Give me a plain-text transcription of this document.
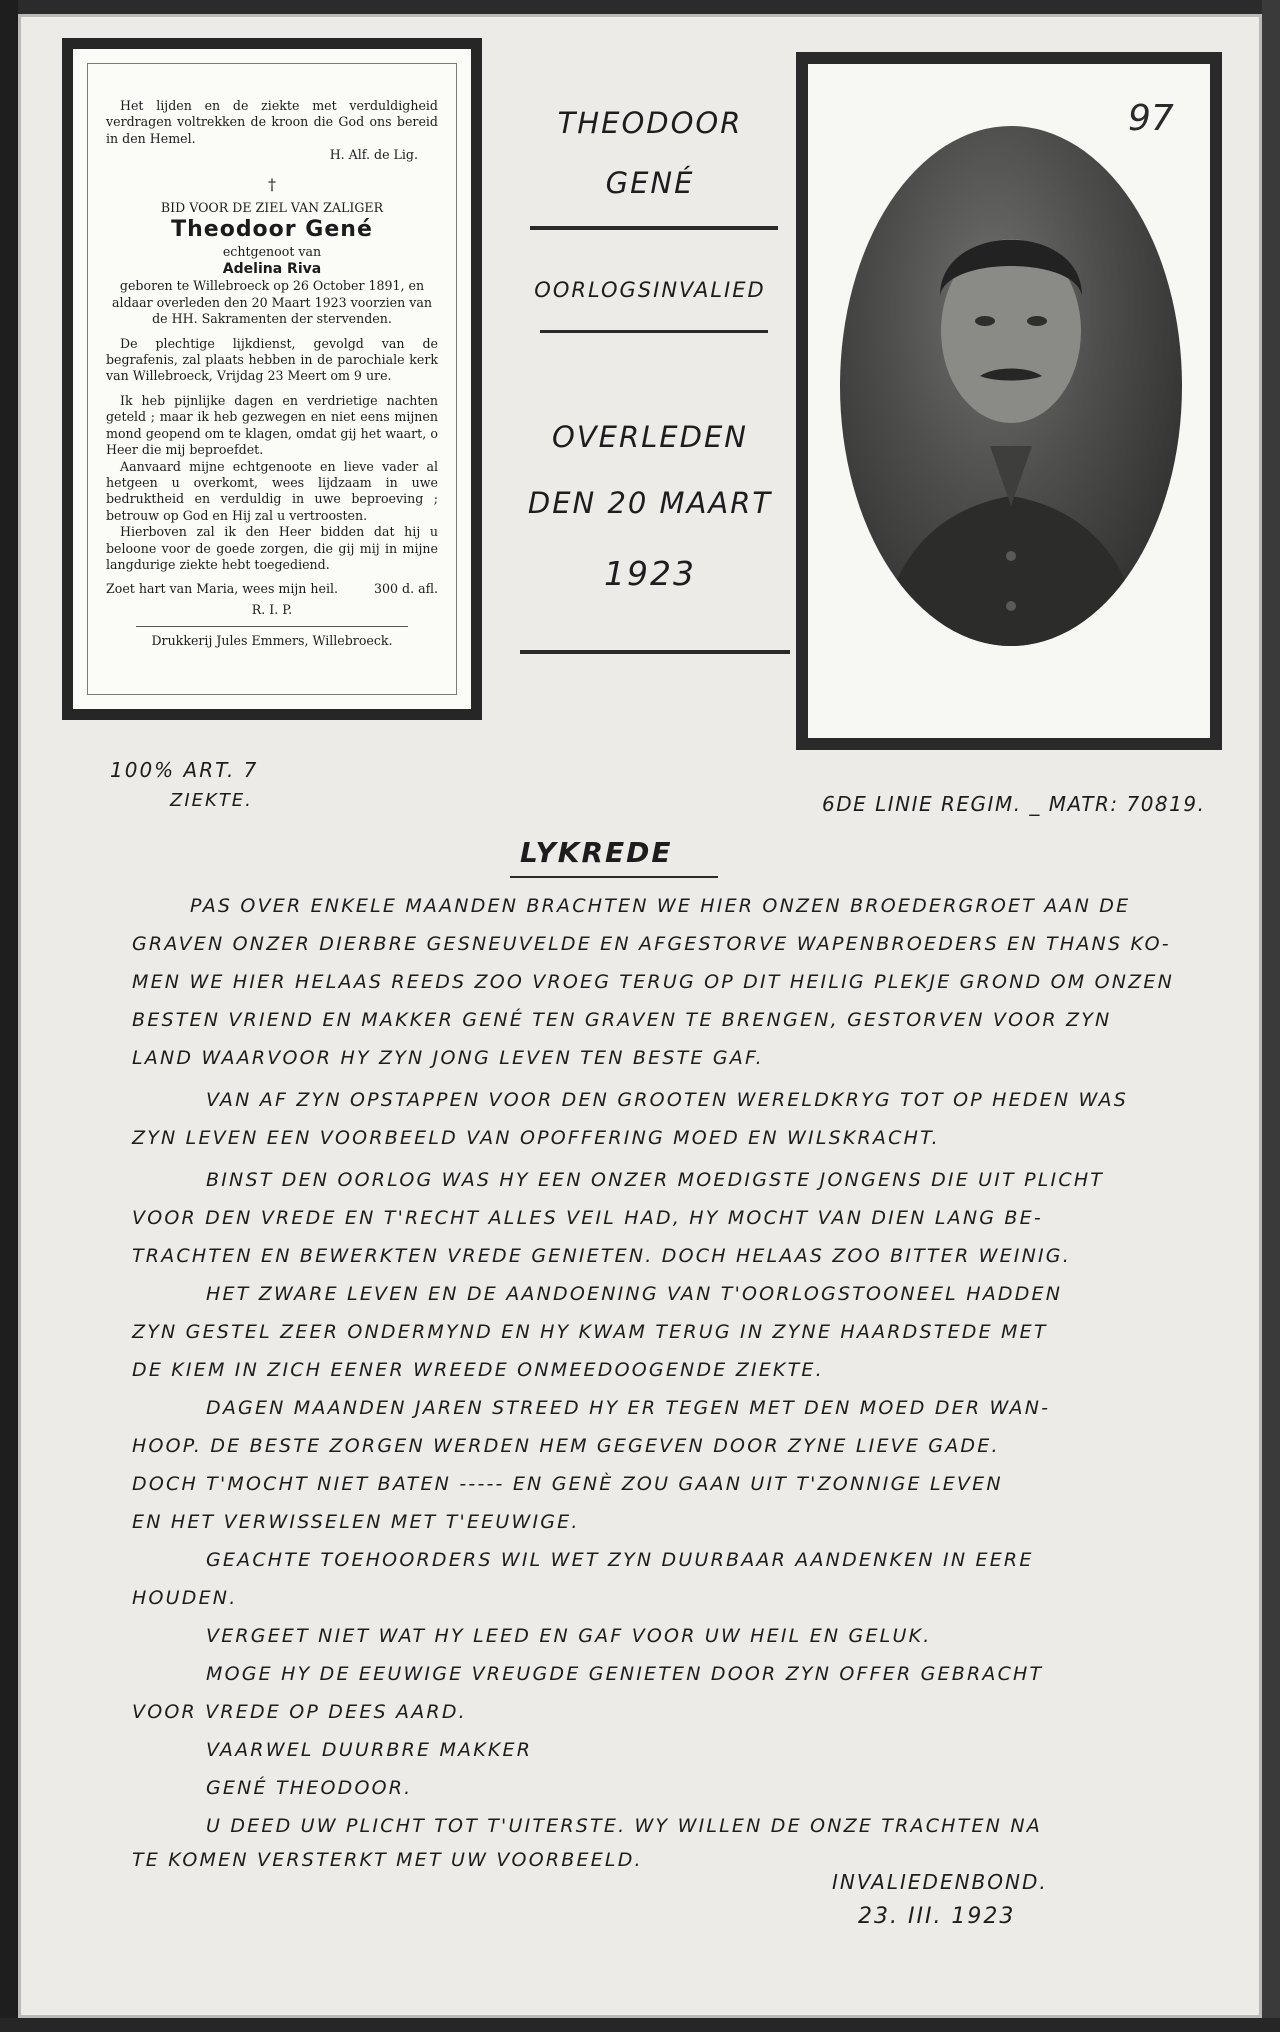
Het lijden en de ziekte met verduldigheid verdragen voltrekken de kroon die God ons bereid in den Hemel.

H. Alf. de Lig.

†

BID VOOR DE ZIEL VAN ZALIGER

Theodoor Gené

echtgenoot van

Adelina Riva

geboren te Willebroeck op 26 October 1891, en aldaar overleden den 20 Maart 1923 voorzien van de HH. Sakramenten der stervenden.

De plechtige lijkdienst, gevolgd van de begrafenis, zal plaats hebben in de parochiale kerk van Willebroeck, Vrijdag 23 Meert om 9 ure.

Ik heb pijnlijke dagen en verdrietige nachten geteld ; maar ik heb gezwegen en niet eens mijnen mond geopend om te klagen, omdat gij het waart, o Heer die mij beproefdet.

Aanvaard mijne echtgenoote en lieve vader al hetgeen u overkomt, wees lijdzaam in uwe bedruktheid en verduldig in uwe beproeving ; betrouw op God en Hij zal u vertroosten.

Hierboven zal ik den Heer bidden dat hij u beloone voor de goede zorgen, die gij mij in mijne langdurige ziekte hebt toegediend.

Zoet hart van Maria, wees mijn heil.	300 d. afl.

R. I. P.

Drukkerij Jules Emmers, Willebroeck.

THEODOOR
GENÉ
OORLOGSINVALIED
OVERLEDEN
DEN 20 MAART
1923
97
100% ART. 7
ZIEKTE.	6DE LINIE REGIM. _ MATR: 70819.
LYKREDE
PAS OVER ENKELE MAANDEN BRACHTEN WE HIER ONZEN BROEDERGROET AAN DE
GRAVEN ONZER DIERBRE GESNEUVELDE EN AFGESTORVE WAPENBROEDERS EN THANS KO-
MEN WE HIER HELAAS REEDS ZOO VROEG TERUG OP DIT HEILIG PLEKJE GROND OM ONZEN
BESTEN VRIEND EN MAKKER GENÉ TEN GRAVEN TE BRENGEN, GESTORVEN VOOR ZYN
LAND WAARVOOR HY ZYN JONG LEVEN TEN BESTE GAF.
VAN AF ZYN OPSTAPPEN VOOR DEN GROOTEN WERELDKRYG TOT OP HEDEN WAS
ZYN LEVEN EEN VOORBEELD VAN OPOFFERING MOED EN WILSKRACHT.
BINST DEN OORLOG WAS HY EEN ONZER MOEDIGSTE JONGENS DIE UIT PLICHT
VOOR DEN VREDE EN T'RECHT ALLES VEIL HAD, HY MOCHT VAN DIEN LANG BE-
TRACHTEN EN BEWERKTEN VREDE GENIETEN. DOCH HELAAS ZOO BITTER WEINIG.
HET ZWARE LEVEN EN DE AANDOENING VAN T'OORLOGSTOONEEL HADDEN
ZYN GESTEL ZEER ONDERMYND EN HY KWAM TERUG IN ZYNE HAARDSTEDE MET
DE KIEM IN ZICH EENER WREEDE ONMEEDOOGENDE ZIEKTE.
DAGEN MAANDEN JAREN STREED HY ER TEGEN MET DEN MOED DER WAN-
HOOP. DE BESTE ZORGEN WERDEN HEM GEGEVEN DOOR ZYNE LIEVE GADE.
DOCH T'MOCHT NIET BATEN ----- EN GENÈ ZOU GAAN UIT T'ZONNIGE LEVEN
EN HET VERWISSELEN MET T'EEUWIGE.
GEACHTE TOEHOORDERS WIL WET ZYN DUURBAAR AANDENKEN IN EERE
HOUDEN.
VERGEET NIET WAT HY LEED EN GAF VOOR UW HEIL EN GELUK.
MOGE HY DE EEUWIGE VREUGDE GENIETEN DOOR ZYN OFFER GEBRACHT
VOOR VREDE OP DEES AARD.
VAARWEL DUURBRE MAKKER
GENÉ THEODOOR.
U DEED UW PLICHT TOT T'UITERSTE. WY WILLEN DE ONZE TRACHTEN NA
TE KOMEN VERSTERKT MET UW VOORBEELD.
INVALIEDENBOND.
23. III. 1923
